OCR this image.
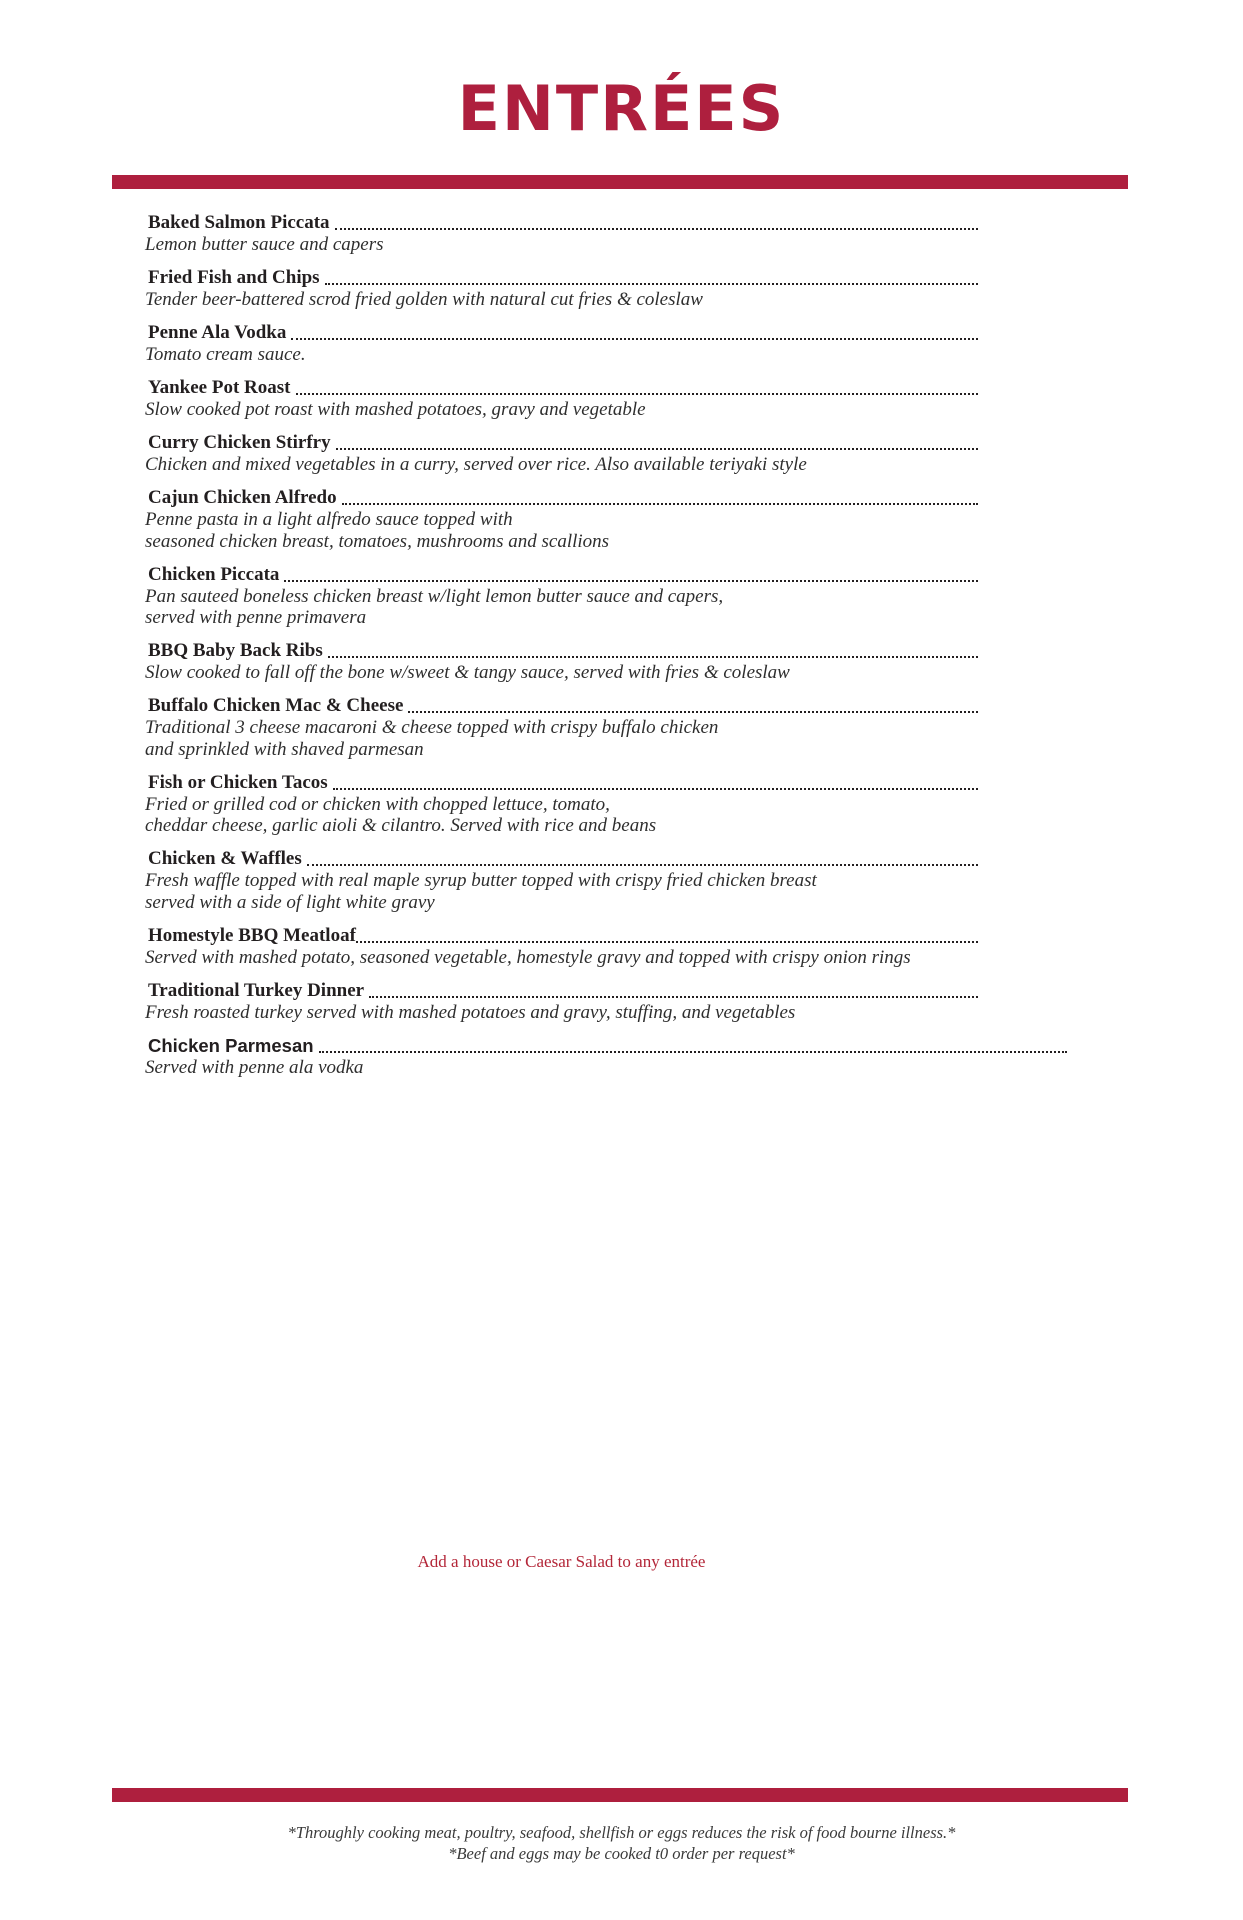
ENTRÉES
Baked Salmon Piccata
Lemon butter sauce and capers
Fried Fish and Chips
Tender beer-battered scrod fried golden with natural cut fries & coleslaw
Penne Ala Vodka
Tomato cream sauce.
Yankee Pot Roast
Slow cooked pot roast with mashed potatoes, gravy and vegetable
Curry Chicken Stirfry
Chicken and mixed vegetables in a curry, served over rice. Also available teriyaki style
Cajun Chicken Alfredo
Penne pasta in a light alfredo sauce topped with
seasoned chicken breast, tomatoes, mushrooms and scallions
Chicken Piccata
Pan sauteed boneless chicken breast w/light lemon butter sauce and capers,
served with penne primavera
BBQ Baby Back Ribs
Slow cooked to fall off the bone w/sweet & tangy sauce, served with fries & coleslaw
Buffalo Chicken Mac & Cheese
Traditional 3 cheese macaroni & cheese topped with crispy buffalo chicken
and sprinkled with shaved parmesan
Fish or Chicken Tacos
Fried or grilled cod or chicken with chopped lettuce, tomato,
cheddar cheese, garlic aioli & cilantro. Served with rice and beans
Chicken & Waffles
Fresh waffle topped with real maple syrup butter topped with crispy fried chicken breast
served with a side of light white gravy
Homestyle BBQ Meatloaf
Served with mashed potato, seasoned vegetable, homestyle gravy and topped with crispy onion rings
Traditional Turkey Dinner
Fresh roasted turkey served with mashed potatoes and gravy, stuffing, and vegetables
Chicken Parmesan
Served with penne ala vodka
Add a house or Caesar Salad to any entrée
*Throughly cooking meat, poultry, seafood, shellfish or eggs reduces the risk of food bourne illness.*
*Beef and eggs may be cooked t0 order per request*
